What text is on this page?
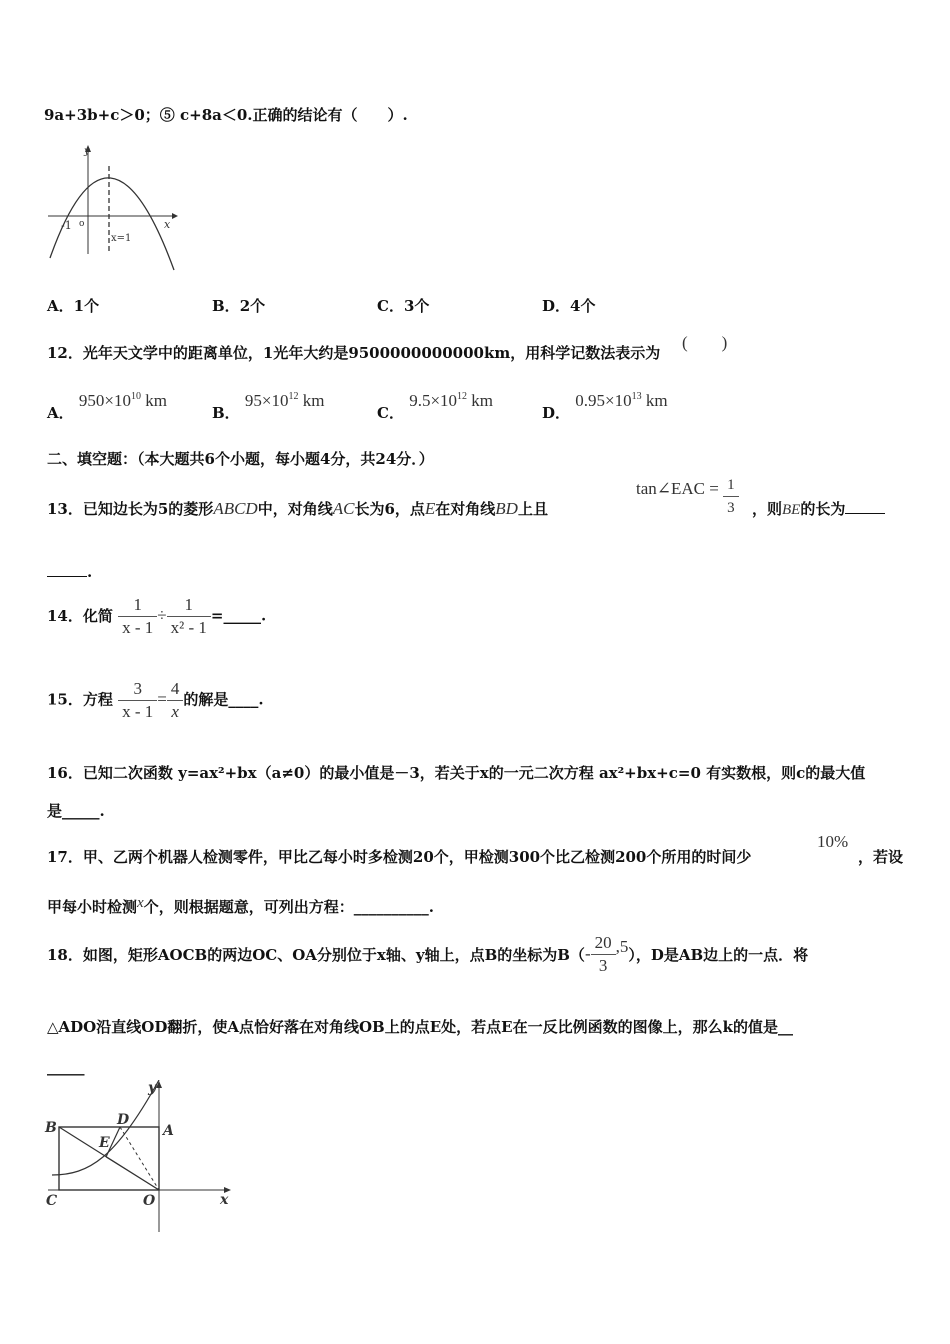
9a+3b+c＞0；⑤ c+8a＜0.正确的结论有（　　）.
y
x
-1 o
x=1
A．1个	B．2个	C．3个	D．4个
12．光年天文学中的距离单位，1光年大约是9500000000000km，用科学记数法表示为
(　　)
A． $950\times 10^{10}$ km
B． $95\times 10^{12}$ km
C． $9.5\times 10^{12}$ km
D． $0.95\times 10^{13}$ km
二、填空题：（本大题共6个小题，每小题4分，共24分．）
13．已知边长为5的菱形ABCD中，对角线AC长为6，点E在对角线BD上且
tan∠EAC = $\frac{1}{3}$ ，则BE的长为
.
14．化简 $\frac{1}{x - 1} \div \frac{1}{\text{x² - 1}}$ =_____.
15．方程 $\frac{3}{x - 1} = \frac{4}{x}$ 的解是____.
16．已知二次函数 y=ax²+bx（a≠0）的最小值是－3，若关于x的一元二次方程 ax²+bx+c=0 有实数根，则c的最大值
是_____.
17．甲、乙两个机器人检测零件，甲比乙每小时多检测20个，甲检测300个比乙检测200个所用的时间少
10%
，若设
甲每小时检测x个，则根据题意，可列出方程：__________.
18．如图，矩形AOCB的两边OC、OA分别位于x轴、y轴上，点B的坐标为$B( - \frac{20}{3} ,5$ ），D是AB边上的一点．将
△ADO沿直线OD翻折，使A点恰好落在对角线OB上的点E处，若点E在一反比例函数的图像上，那么k的值是__
_____
B	A
D
E
C	O	x
y
